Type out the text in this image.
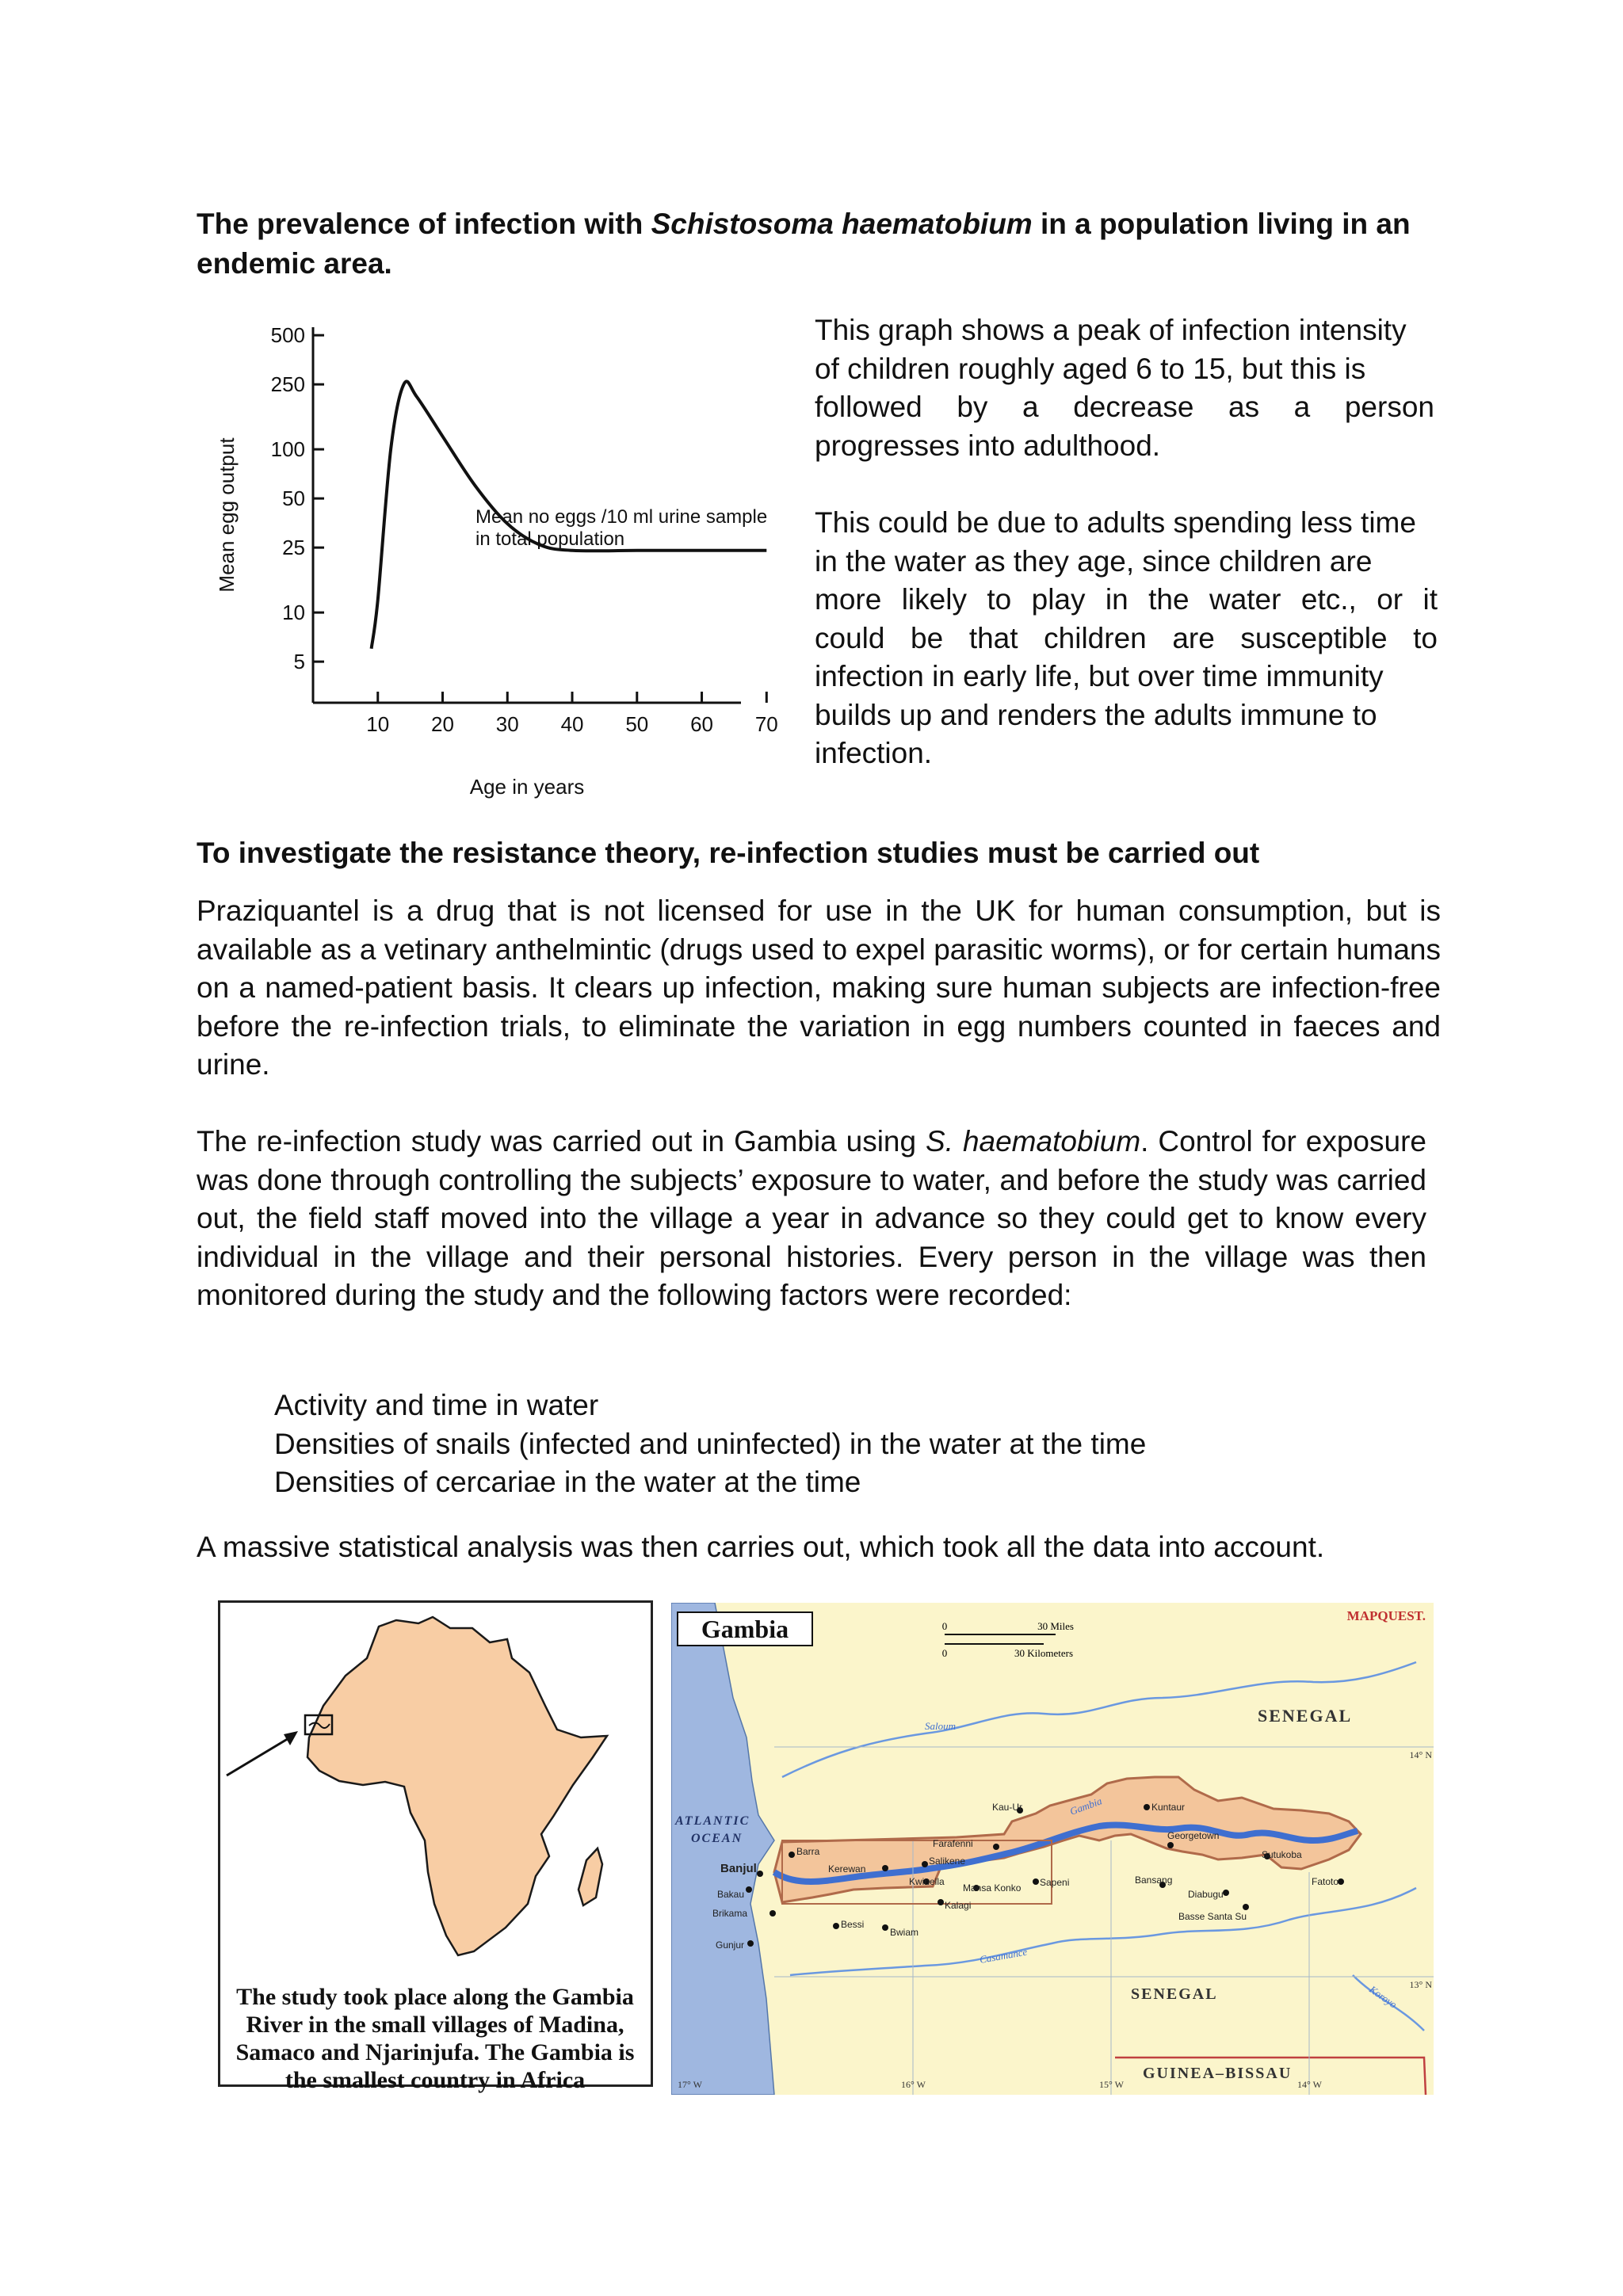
The prevalence of infection with Schistosoma haematobium in a population living in an endemic area.
5
10
25
50
100
250
500
10 20 30 40 50 60 70
Age in years
Mean egg output	Mean no eggs /10 ml urine sample
in total population
This graph shows a peak of infection intensity
of children roughly aged 6 to 15, but this is
followed by a decrease as a person
progresses into adulthood.
This could be due to adults spending less time
in the water as they age, since children are
more likely to play in the water etc., or it
could be that children are susceptible to
infection in early life, but over time immunity
builds up and renders the adults immune to
infection.
To investigate the resistance theory, re-infection studies must be carried out
Praziquantel is a drug that is not licensed for use in the UK for human consumption, but is available as a vetinary anthelmintic (drugs used to expel parasitic worms), or for certain humans on a named-patient basis. It clears up infection, making sure human subjects are infection-free before the re-infection trials, to eliminate the variation in egg numbers counted in faeces and urine.
The re-infection study was carried out in Gambia using S. haematobium. Control for exposure was done through controlling the subjects’ exposure to water, and before the study was carried out, the field staff moved into the village a year in advance so they could get to know every individual in the village and their personal histories. Every person in the village was then monitored during the study and the following factors were recorded:
Activity and time in water
Densities of snails (infected and uninfected) in the water at the time
Densities of cercariae in the water at the time
A massive statistical analysis was then carries out, which took all the data into account.
The study took place along the Gambia River in the small villages of Madina, Samaco and Njarinjufa. The Gambia is the smallest country in Africa
Gambia	MAPQUEST.
0
0
30 Miles
30 Kilometers
SENEGAL
SENEGAL
GUINEA–BISSAU
ATLANTIC
OCEAN
14° N
13° N
17° W	16° W	15° W	14° W
Saloum
Gambia
Casamance
Koroyo
Banjul
Barra
Bakau
Brikama
Gunjur
Kerewan
Farafenni
Salikene
Kwinella
Mansa Konko
Kalagi
Bessi
Bwiam
Sapeni
Kau-Ur	Kuntaur
Georgetown
Bansang
Diabugu
Basse Santa Su
Sutukoba
Fatoto
